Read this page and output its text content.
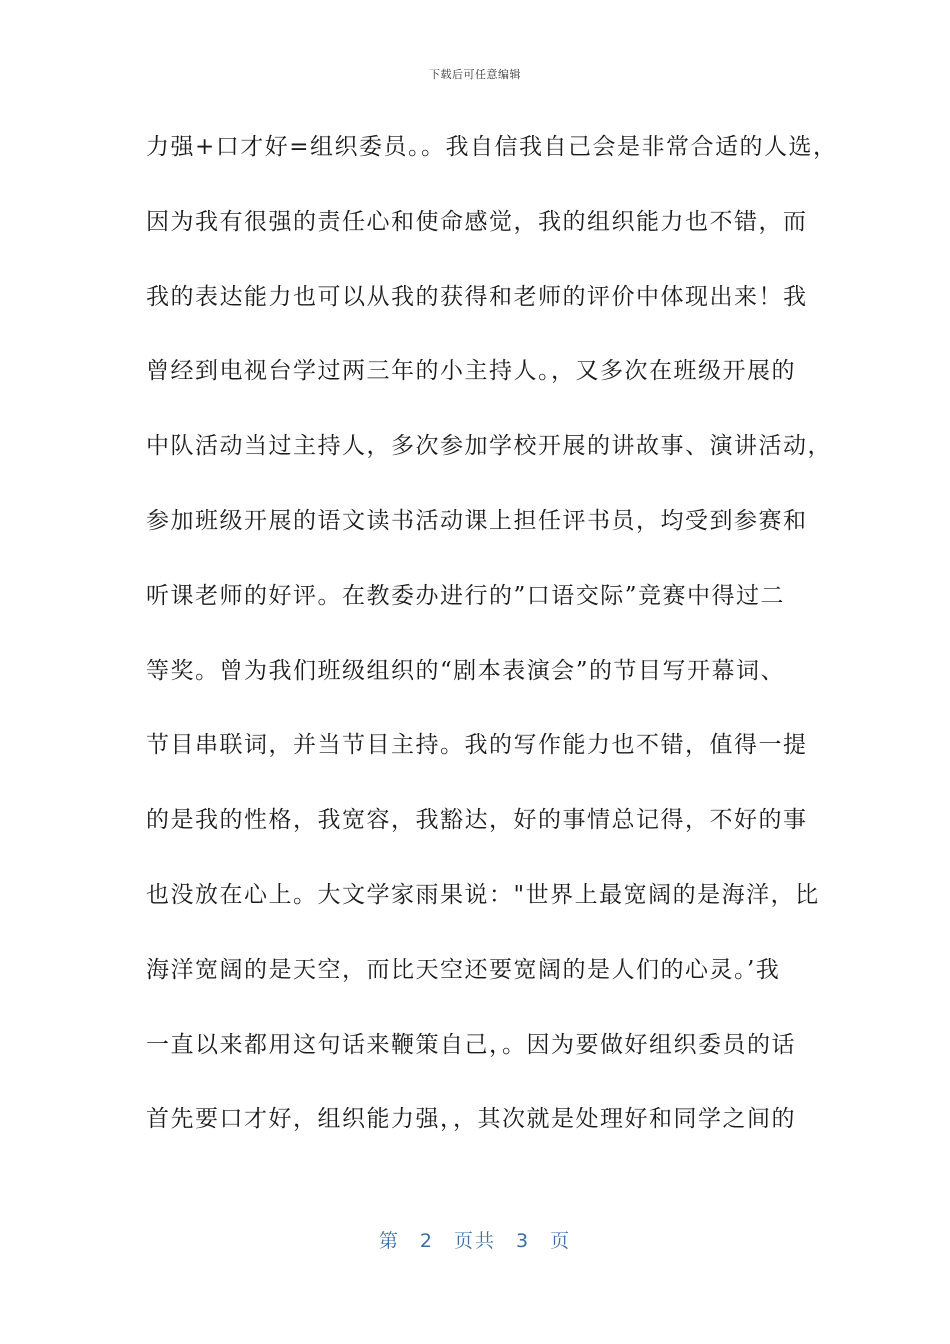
下载后可任意编辑
力强+口才好=组织委员。。我自信我自己会是非常合适的人选，
因为我有很强的责任心和使命感觉，我的组织能力也不错，而
我的表达能力也可以从我的获得和老师的评价中体现出来！我
曾经到电视台学过两三年的小主持人。，又多次在班级开展的
中队活动当过主持人，多次参加学校开展的讲故事、演讲活动，
参加班级开展的语文读书活动课上担任评书员，均受到参赛和
听课老师的好评。在教委办进行的”口语交际”竞赛中得过二
等奖。曾为我们班级组织的“剧本表演会”的节目写开幕词、
节目串联词，并当节目主持。我的写作能力也不错，值得一提
的是我的性格，我宽容，我豁达，好的事情总记得，不好的事
也没放在心上。大文学家雨果说："世界上最宽阔的是海洋，比
海洋宽阔的是天空，而比天空还要宽阔的是人们的心灵。’我
一直以来都用这句话来鞭策自己，。因为要做好组织委员的话
首先要口才好，组织能力强，，其次就是处理好和同学之间的
第 2 页共 3 页
